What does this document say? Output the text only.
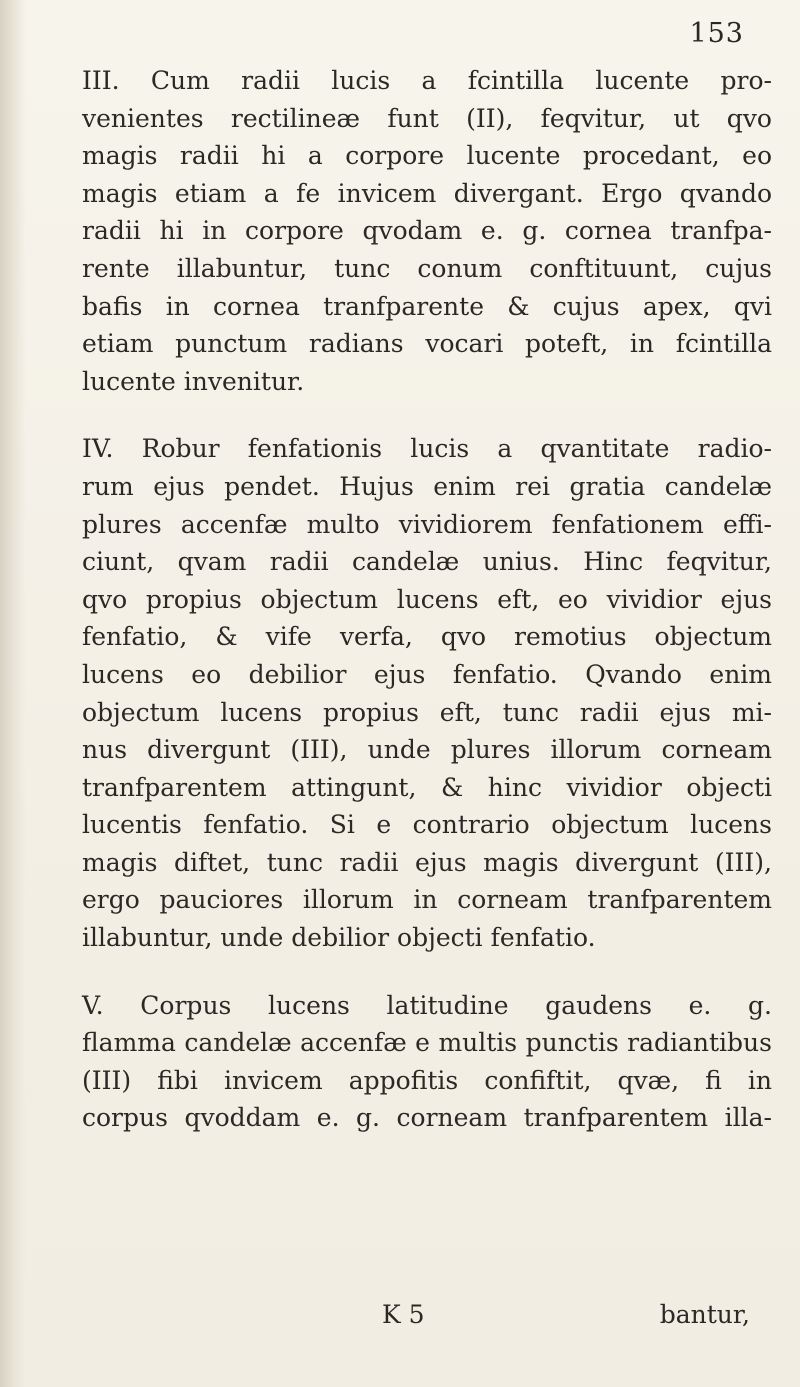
153

III. Cum radii lucis a fcintilla lucente pro-
venientes rectilineæ funt (II), feqvitur, ut qvo
magis radii hi a corpore lucente procedant, eo
magis etiam a fe invicem divergant. Ergo qvando
radii hi in corpore qvodam e. g. cornea tranfpa-
rente illabuntur, tunc conum conftituunt, cujus
bafis in cornea tranfparente & cujus apex, qvi
etiam punctum radians vocari poteft, in fcintilla
lucente invenitur.

IV. Robur fenfationis lucis a qvantitate radio-
rum ejus pendet. Hujus enim rei gratia candelæ
plures accenfæ multo vividiorem fenfationem effi-
ciunt, qvam radii candelæ unius. Hinc feqvitur,
qvo propius objectum lucens eft, eo vividior ejus
fenfatio, & vife verfa, qvo remotius objectum
lucens eo debilior ejus fenfatio. Qvando enim
objectum lucens propius eft, tunc radii ejus mi-
nus divergunt (III), unde plures illorum corneam
tranfparentem attingunt, & hinc vividior objecti
lucentis fenfatio. Si e contrario objectum lucens
magis diftet, tunc radii ejus magis divergunt (III),
ergo pauciores illorum in corneam tranfparentem
illabuntur, unde debilior objecti fenfatio.

V. Corpus lucens latitudine gaudens e. g.
flamma candelæ accenfæ e multis punctis radiantibus
(III) fibi invicem appofitis confiftit, qvæ, fi in
corpus qvoddam e. g. corneam tranfparentem illa-

K 5	bantur,
